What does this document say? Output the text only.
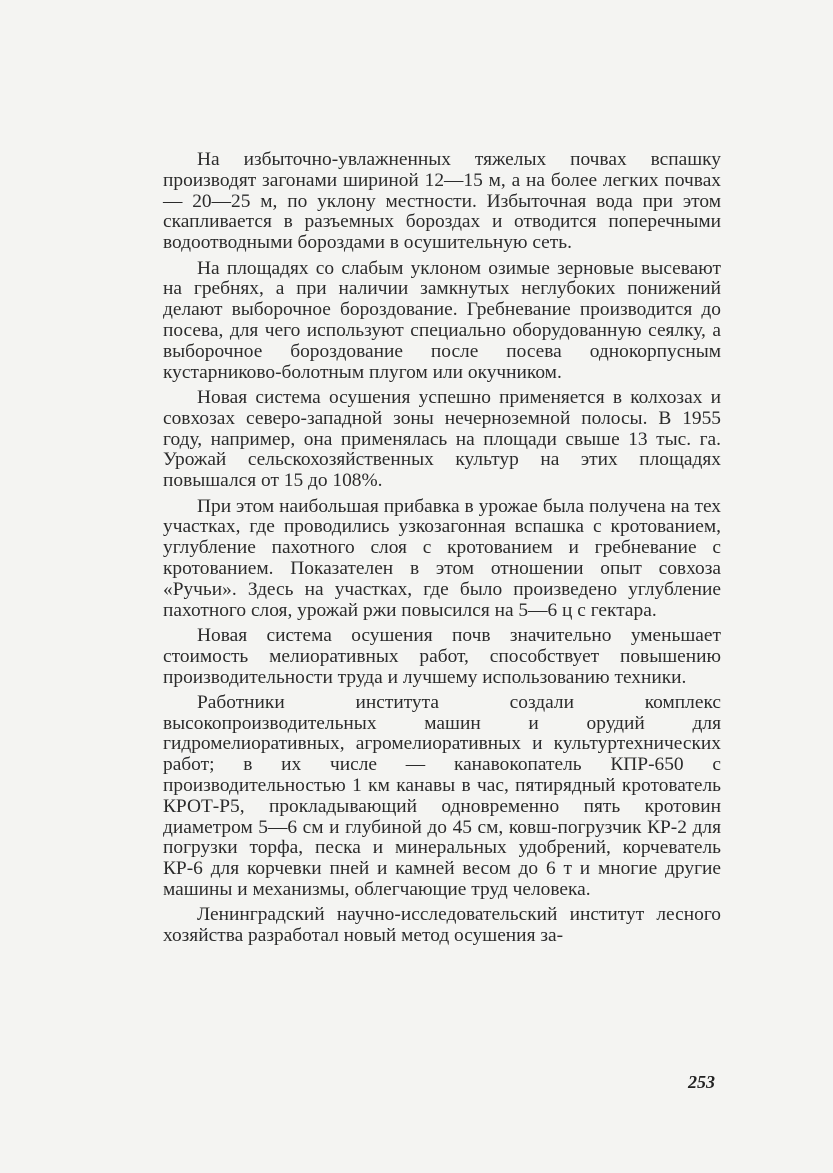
На избыточно-увлажненных тяжелых почвах вспашку производят загонами шириной 12—15 м, а на более легких почвах — 20—25 м, по уклону местности. Избыточная вода при этом скапливается в разъемных бороздах и отводится поперечными водоотводными бороздами в осушительную сеть.

На площадях со слабым уклоном озимые зерновые высевают на гребнях, а при наличии замкнутых неглубоких понижений делают выборочное бороздование. Гребневание производится до посева, для чего используют специально оборудованную сеялку, а выборочное бороздование после посева однокорпусным кустарниково-болотным плугом или окучником.

Новая система осушения успешно применяется в колхозах и совхозах северо-западной зоны нечерноземной полосы. В 1955 году, например, она применялась на площади свыше 13 тыс. га. Урожай сельскохозяйственных культур на этих площадях повышался от 15 до 108%.

При этом наибольшая прибавка в урожае была получена на тех участках, где проводились узкозагонная вспашка с кротованием, углубление пахотного слоя с кротованием и гребневание с кротованием. Показателен в этом отношении опыт совхоза «Ручьи». Здесь на участках, где было произведено углубление пахотного слоя, урожай ржи повысился на 5—6 ц с гектара.

Новая система осушения почв значительно уменьшает стоимость мелиоративных работ, способствует повышению производительности труда и лучшему использованию техники.

Работники института создали комплекс высокопроизводительных машин и орудий для гидромелиоративных, агромелиоративных и культуртехнических работ; в их числе — канавокопатель КПР-650 с производительностью 1 км канавы в час, пятирядный кротователь КРОТ-Р5, прокладывающий одновременно пять кротовин диаметром 5—6 см и глубиной до 45 см, ковш-погрузчик КР-2 для погрузки торфа, песка и минеральных удобрений, корчеватель КР-6 для корчевки пней и камней весом до 6 т и многие другие машины и механизмы, облегчающие труд человека.

Ленинградский научно-исследовательский институт лесного хозяйства разработал новый метод осушения за-

253
